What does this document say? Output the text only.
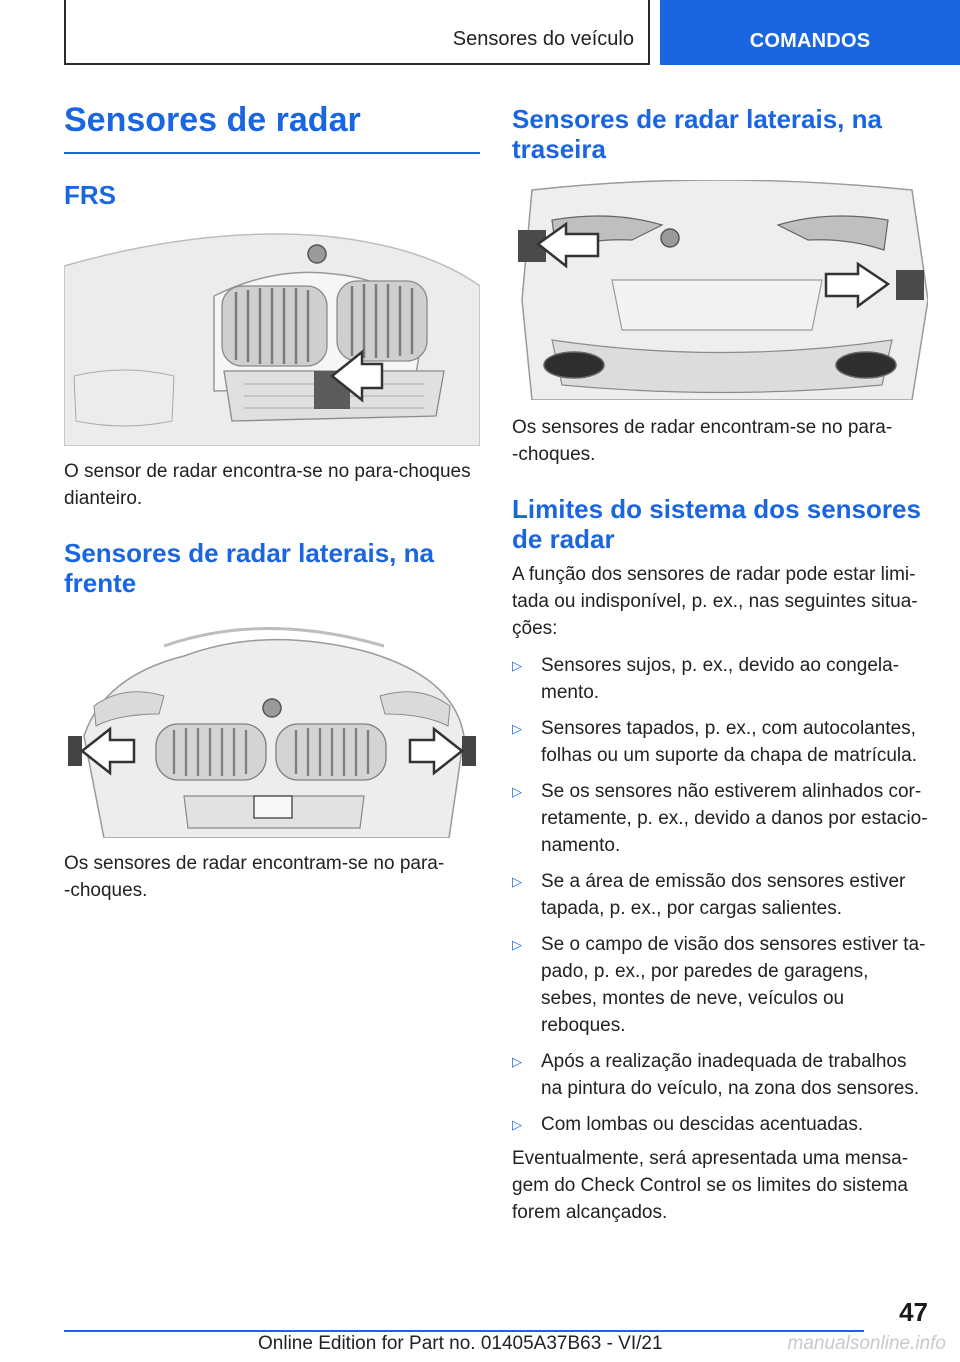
Sensores do veículo	COMANDOS
Sensores de radar
FRS
O sensor de radar encontra-se no para-choques dianteiro.
Sensores de radar laterais, na frente
Os sensores de radar encontram-se no para-
-choques.
Sensores de radar laterais, na traseira
Os sensores de radar encontram-se no para-
-choques.
Limites do sistema dos sensores de radar
A função dos sensores de radar pode estar limi-tada ou indisponível, p. ex., nas seguintes situa-ções:
▷ Sensores sujos, p. ex., devido ao congela-mento.
▷ Sensores tapados, p. ex., com autocolantes, folhas ou um suporte da chapa de matrícula.
▷ Se os sensores não estiverem alinhados cor-retamente, p. ex., devido a danos por estacio-namento.
▷ Se a área de emissão dos sensores estiver tapada, p. ex., por cargas salientes.
▷ Se o campo de visão dos sensores estiver ta-pado, p. ex., por paredes de garagens, sebes, montes de neve, veículos ou reboques.
▷ Após a realização inadequada de trabalhos na pintura do veículo, na zona dos sensores.
▷ Com lombas ou descidas acentuadas.
Eventualmente, será apresentada uma mensa-gem do Check Control se os limites do sistema forem alcançados.
47
Online Edition for Part no. 01405A37B63 - VI/21	manualsonline.info
